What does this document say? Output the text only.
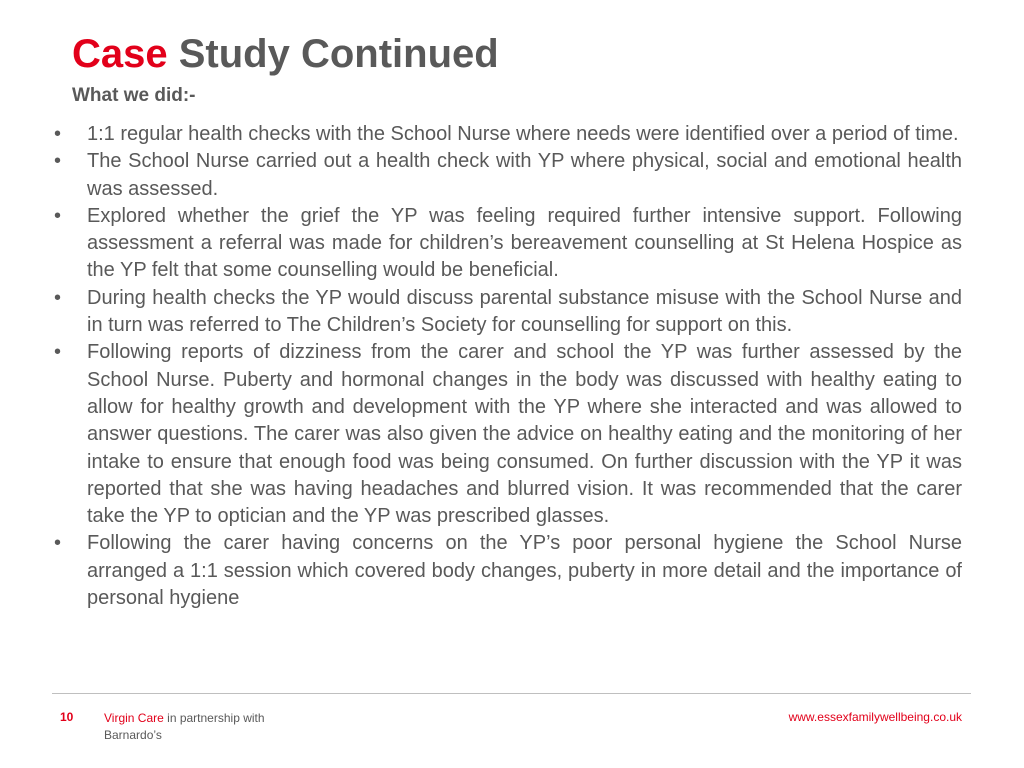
Case Study Continued
What we did:-
•	1:1 regular health checks with the School Nurse where needs were identified over a period of time.
•	The School Nurse carried out a health check with YP where physical, social and emotional health was assessed.
•	Explored whether the grief the YP was feeling required further intensive support. Following assessment a referral was made for children’s bereavement counselling at St Helena Hospice as the YP felt that some counselling would be beneficial.
•	During health checks the YP would discuss parental substance misuse with the School Nurse and in turn was referred to The Children’s Society for counselling for support on this.
•	Following reports of dizziness from the carer and school the YP was further assessed by the School Nurse. Puberty and hormonal changes in the body was discussed with healthy eating to allow for healthy growth and development with the YP where she interacted and was allowed to answer questions. The carer was also given the advice on healthy eating and the monitoring of her intake to ensure that enough food was being consumed. On further discussion with the YP it was reported that she was having headaches and blurred vision. It was recommended that the carer take the YP to optician and the YP was prescribed glasses.
•	Following the carer having concerns on the YP’s poor personal hygiene the School Nurse arranged a 1:1 session which covered body changes, puberty in more detail and the importance of personal hygiene
10	Virgin Care in partnership with Barnardo’s
www.essexfamilywellbeing.co.uk
